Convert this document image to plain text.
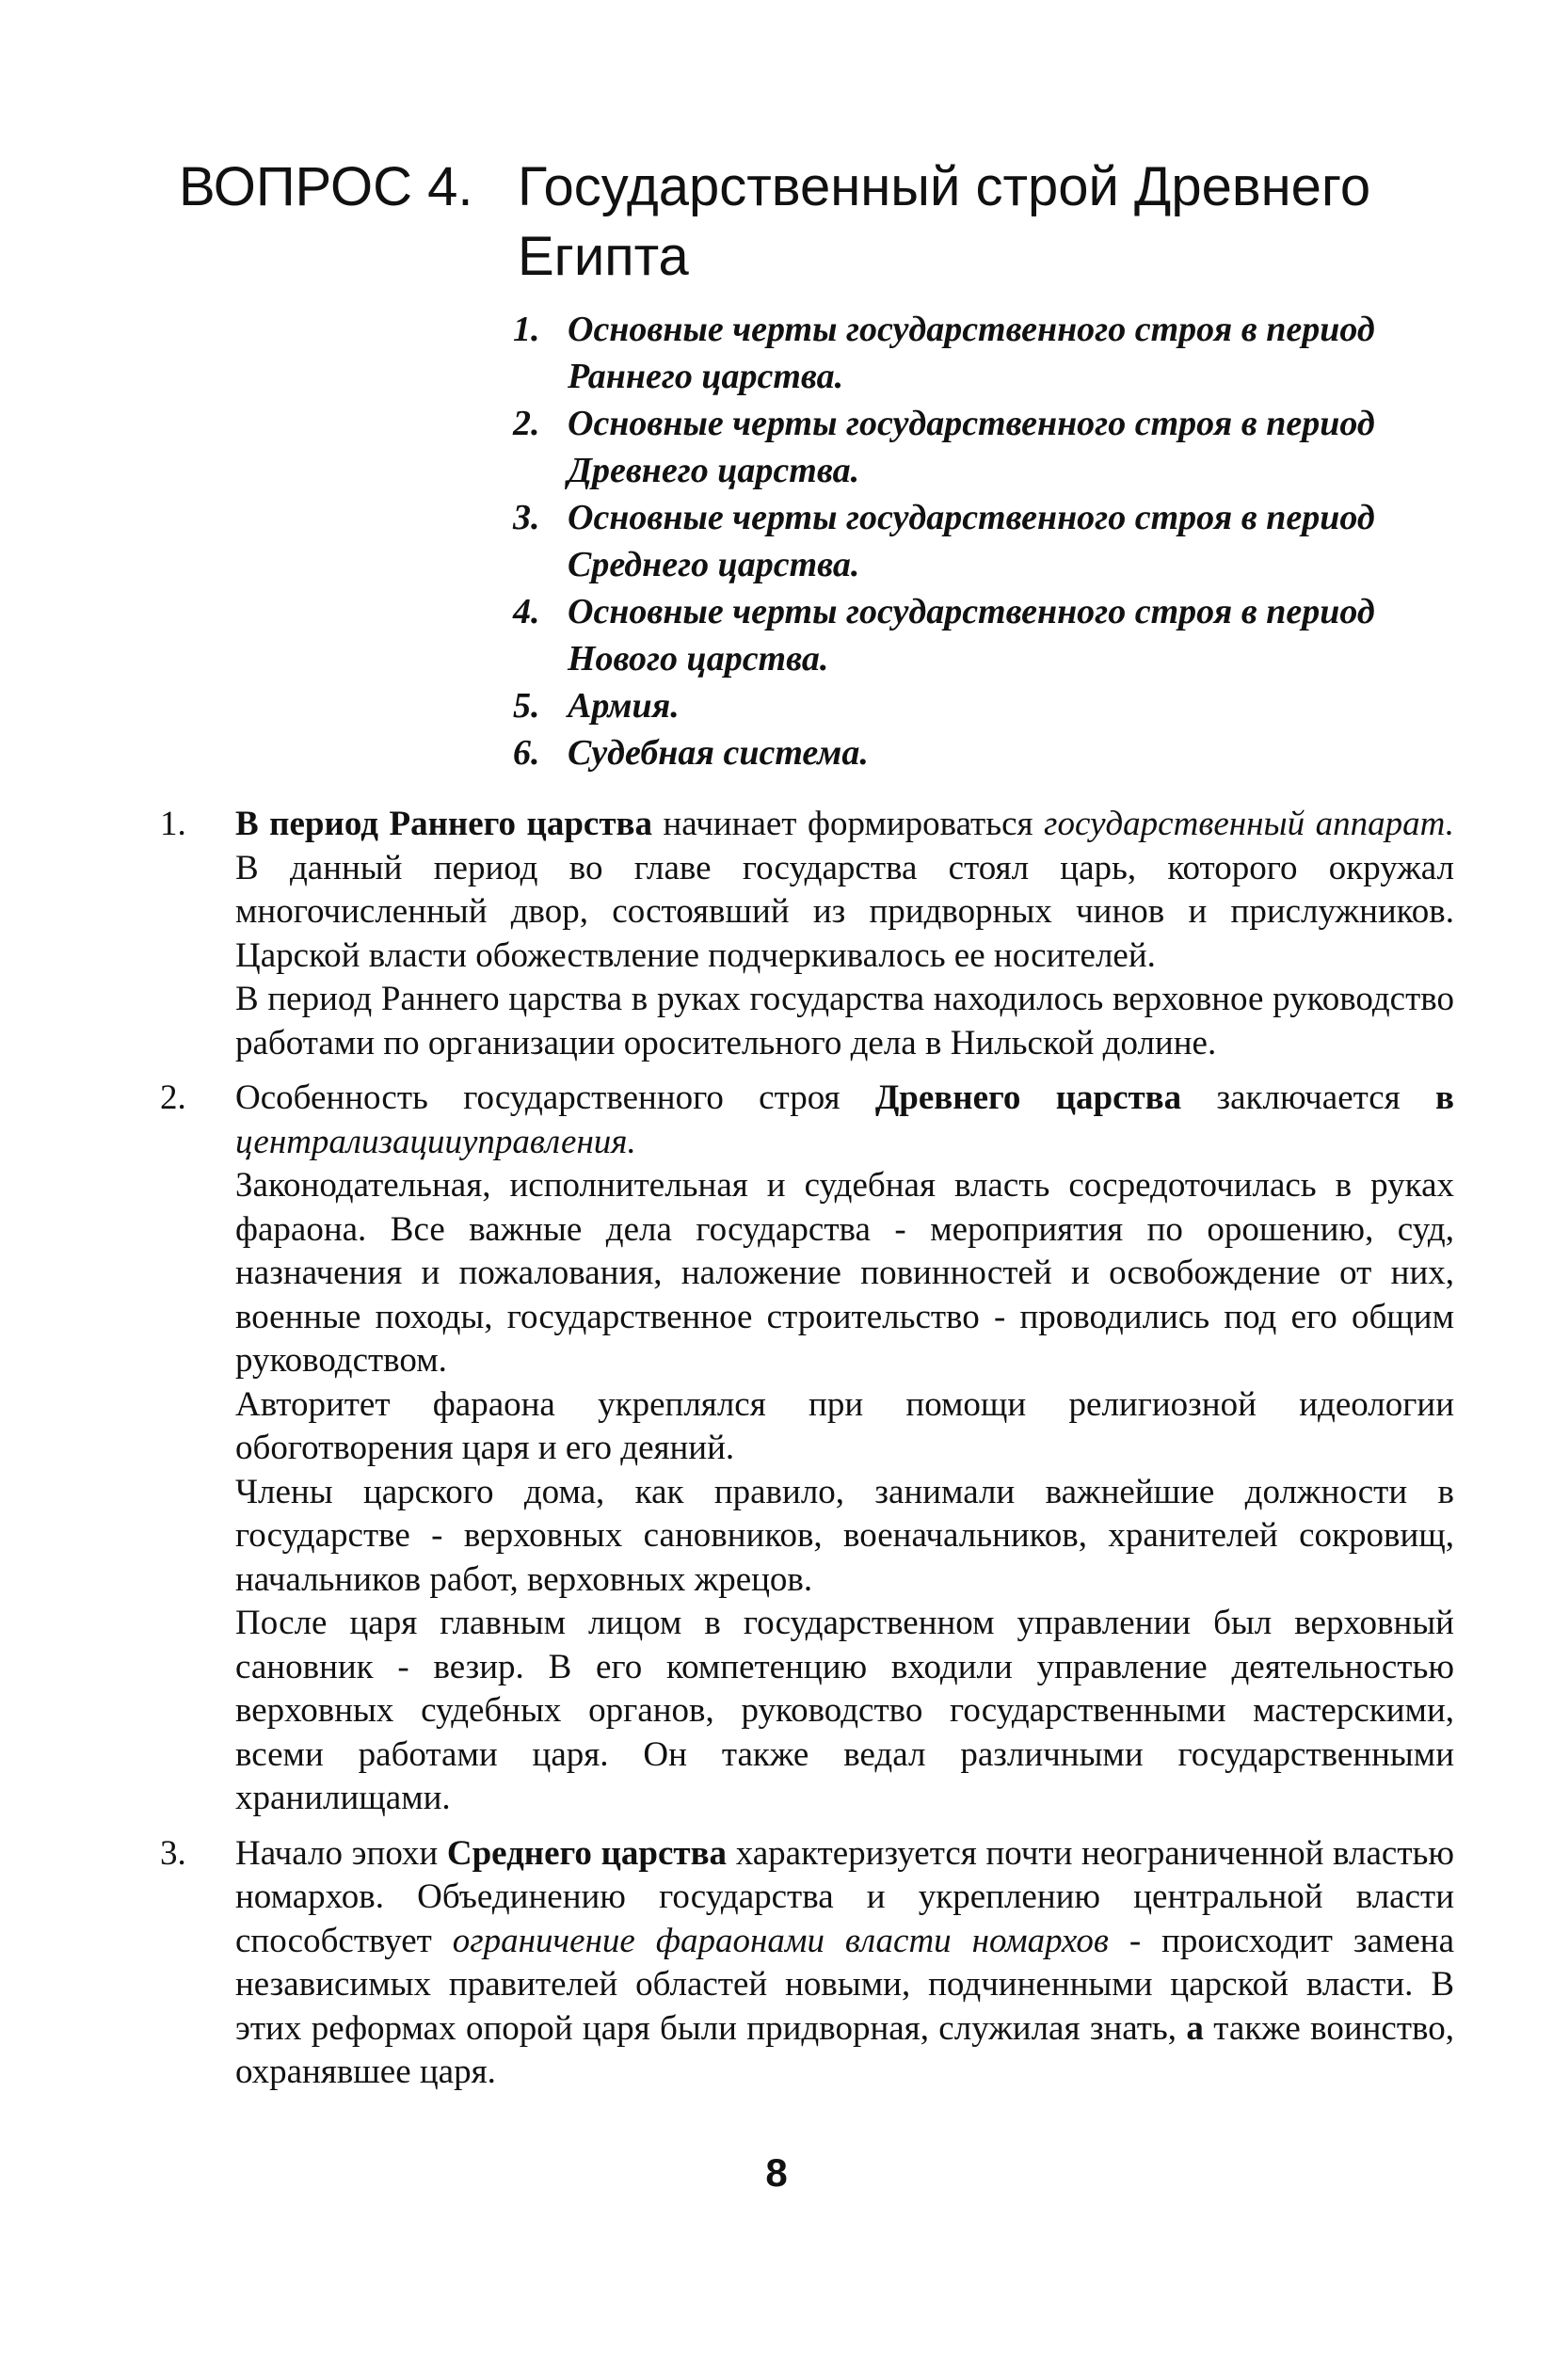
ВОПРОС 4. Государственный строй Древнего Египта
1. Основные черты государственного строя в период Раннего царства.
2. Основные черты государственного строя в период Древнего царства.
3. Основные черты государственного строя в период Среднего царства.
4. Основные черты государственного строя в период Нового царства.
5. Армия.
6. Судебная система.
1. В период Раннего царства начинает формироваться государственный аппарат. В данный период во главе государства стоял царь, которого окружал многочисленный двор, состоявший из придворных чинов и прислужников. Царской власти обожествление подчеркивалось ее носителей.

В период Раннего царства в руках государства находилось верховное руководство работами по организации оросительного дела в Нильской долине.

2. Особенность государственного строя Древнего царства заключается в централизацииуправления.

Законодательная, исполнительная и судебная власть сосредоточилась в руках фараона. Все важные дела государства - мероприятия по орошению, суд, назначения и пожалования, наложение повинностей и освобождение от них, военные походы, государственное строительство - проводились под его общим руководством.

Авторитет фараона укреплялся при помощи религиозной идеологии обоготворения царя и его деяний.

Члены царского дома, как правило, занимали важнейшие должности в государстве - верховных сановников, военачальников, хранителей сокровищ, начальников работ, верховных жрецов.

После царя главным лицом в государственном управлении был верховный сановник - везир. В его компетенцию входили управление деятельностью верховных судебных органов, руководство государственными мастерскими, всеми работами царя. Он также ведал различными государственными хранилищами.

3. Начало эпохи Среднего царства характеризуется почти неограниченной властью номархов. Объединению государства и укреплению центральной власти способствует ограничение фараонами власти номархов - происходит замена независимых правителей областей новыми, подчиненными царской власти. В этих реформах опорой царя были придворная, служилая знать, а также воинство, охранявшее царя.

8
